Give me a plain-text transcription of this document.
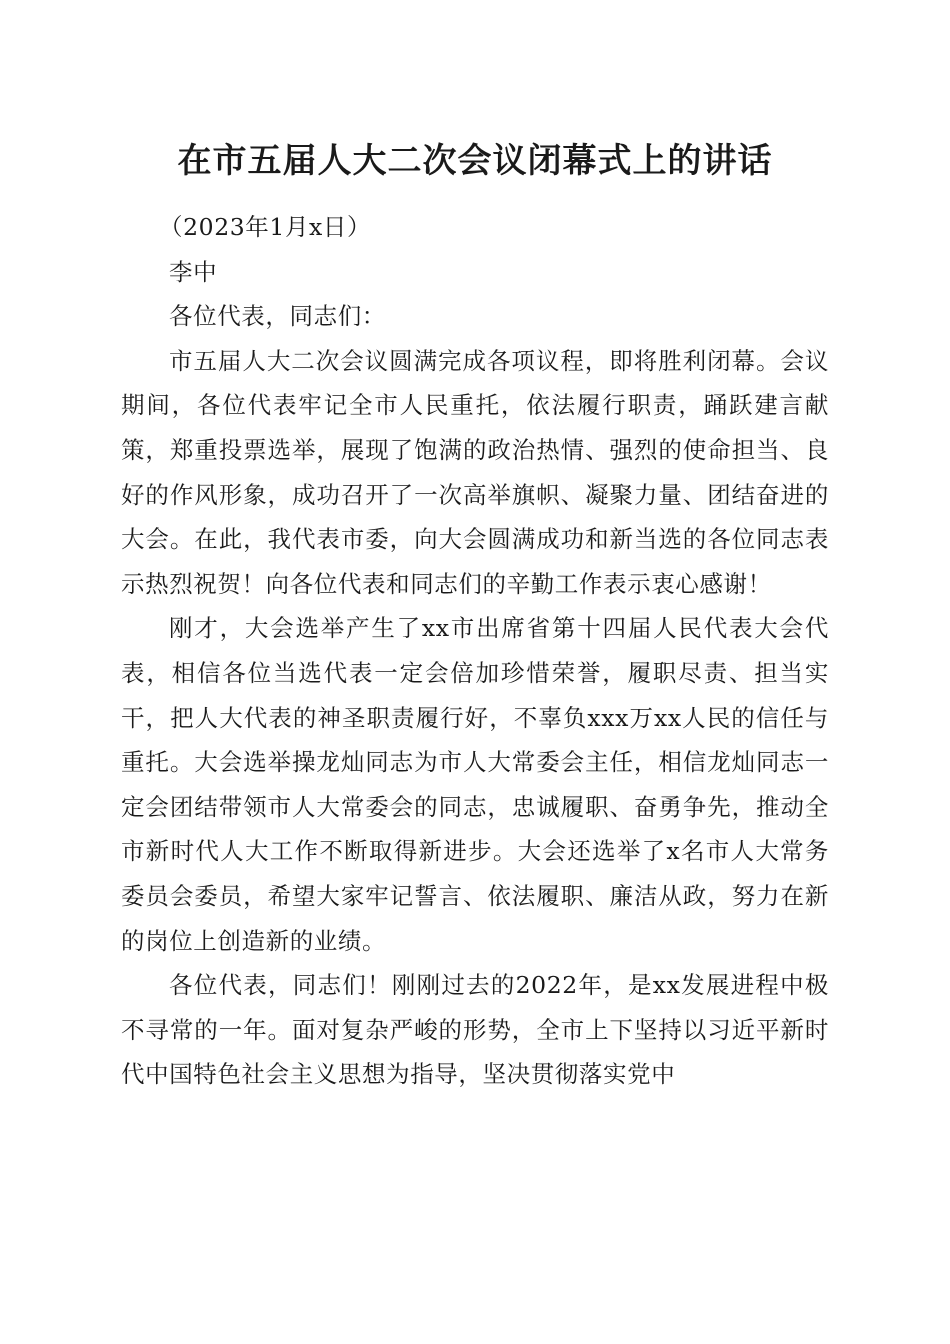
在市五届人大二次会议闭幕式上的讲话

（2023年1月x日）

李中

各位代表，同志们：

市五届人大二次会议圆满完成各项议程，即将胜利闭幕。会议期间，各位代表牢记全市人民重托，依法履行职责，踊跃建言献策，郑重投票选举，展现了饱满的政治热情、强烈的使命担当、良好的作风形象，成功召开了一次高举旗帜、凝聚力量、团结奋进的大会。在此，我代表市委，向大会圆满成功和新当选的各位同志表示热烈祝贺！向各位代表和同志们的辛勤工作表示衷心感谢！

刚才，大会选举产生了xx市出席省第十四届人民代表大会代表，相信各位当选代表一定会倍加珍惜荣誉，履职尽责、担当实干，把人大代表的神圣职责履行好，不辜负xxx万xx人民的信任与重托。大会选举操龙灿同志为市人大常委会主任，相信龙灿同志一定会团结带领市人大常委会的同志，忠诚履职、奋勇争先，推动全市新时代人大工作不断取得新进步。大会还选举了x名市人大常务委员会委员，希望大家牢记誓言、依法履职、廉洁从政，努力在新的岗位上创造新的业绩。

各位代表，同志们！刚刚过去的2022年，是xx发展进程中极不寻常的一年。面对复杂严峻的形势，全市上下坚持以习近平新时代中国特色社会主义思想为指导，坚决贯彻落实党中
